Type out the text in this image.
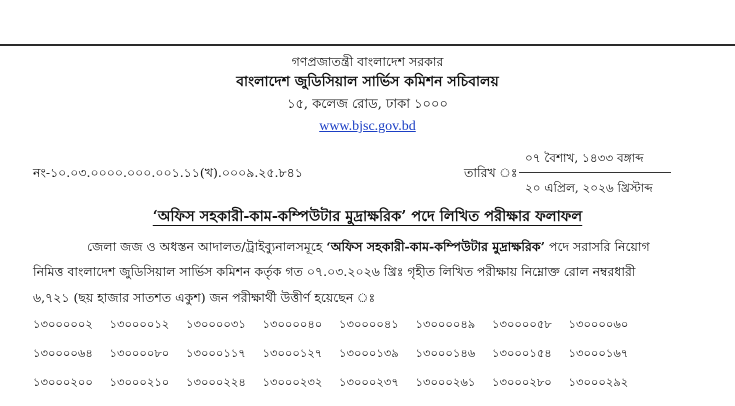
গণপ্রজাতন্ত্রী বাংলাদেশ সরকার
বাংলাদেশ জুডিসিয়াল সার্ভিস কমিশন সচিবালয়
১৫, কলেজ রোড, ঢাকা ১০০০
www.bjsc.gov.bd
নং-১০.০৩.০০০০.০০০.০০১.১১(খ).০০০৯.২৫.৮৪১	তারিখ ঃ
০৭ বৈশাখ, ১৪৩৩ বঙ্গাব্দ
২০ এপ্রিল, ২০২৬ খ্রিস্টাব্দ
‘অফিস সহকারী-কাম-কম্পিউটার মুদ্রাক্ষরিক’ পদে লিখিত পরীক্ষার ফলাফল
জেলা জজ ও অধস্তন আদালত/ট্রাইব্যুনালসমূহে ‘অফিস সহকারী-কাম-কম্পিউটার মুদ্রাক্ষরিক’ পদে সরাসরি নিয়োগ
নিমিত্ত বাংলাদেশ জুডিসিয়াল সার্ভিস কমিশন কর্তৃক গত ০৭.০৩.২০২৬ খ্রিঃ গৃহীত লিখিত পরীক্ষায় নিম্নোক্ত রোল নম্বরধারী
৬,৭২১ (ছয় হাজার সাতশত একুশ) জন পরীক্ষার্থী উত্তীর্ণ হয়েছেন ঃ
১৩০০০০০২	১৩০০০০১২	১৩০০০০৩১	১৩০০০০৪০	১৩০০০০৪১	১৩০০০০৪৯	১৩০০০০৫৮	১৩০০০০৬০
১৩০০০০৬৪	১৩০০০০৮০	১৩০০০১১৭	১৩০০০১২৭	১৩০০০১৩৯	১৩০০০১৪৬	১৩০০০১৫৪	১৩০০০১৬৭
১৩০০০২০০	১৩০০০২১০	১৩০০০২২৪	১৩০০০২৩২	১৩০০০২৩৭	১৩০০০২৬১	১৩০০০২৮০	১৩০০০২৯২
